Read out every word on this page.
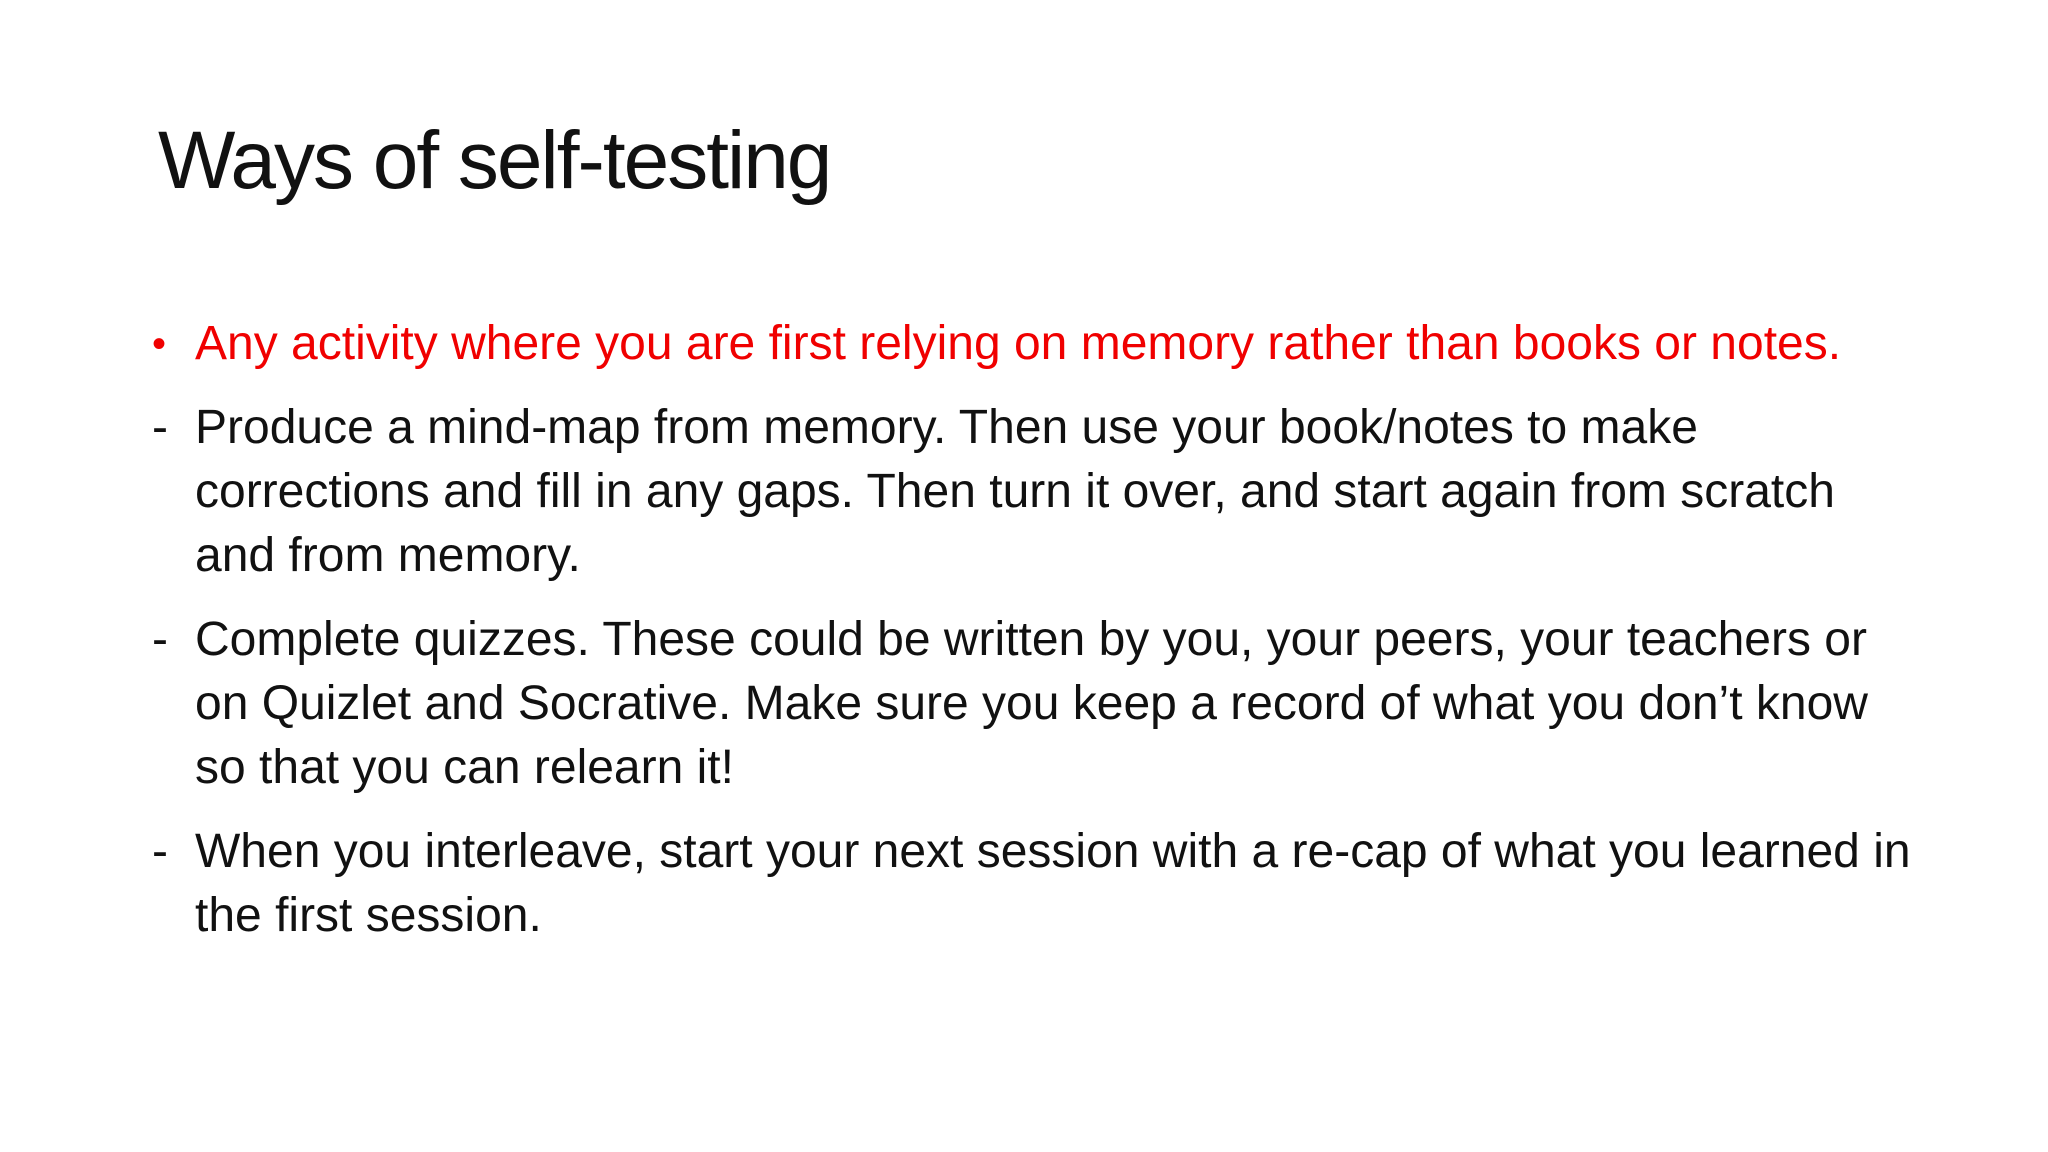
Ways of self-testing
• Any activity where you are first relying on memory rather than books or notes.
- Produce a mind-map from memory. Then use your book/notes to make corrections and fill in any gaps. Then turn it over, and start again from scratch and from memory.
- Complete quizzes. These could be written by you, your peers, your teachers or on Quizlet and Socrative. Make sure you keep a record of what you don’t know so that you can relearn it!
- When you interleave, start your next session with a re-cap of what you learned in the first session.
